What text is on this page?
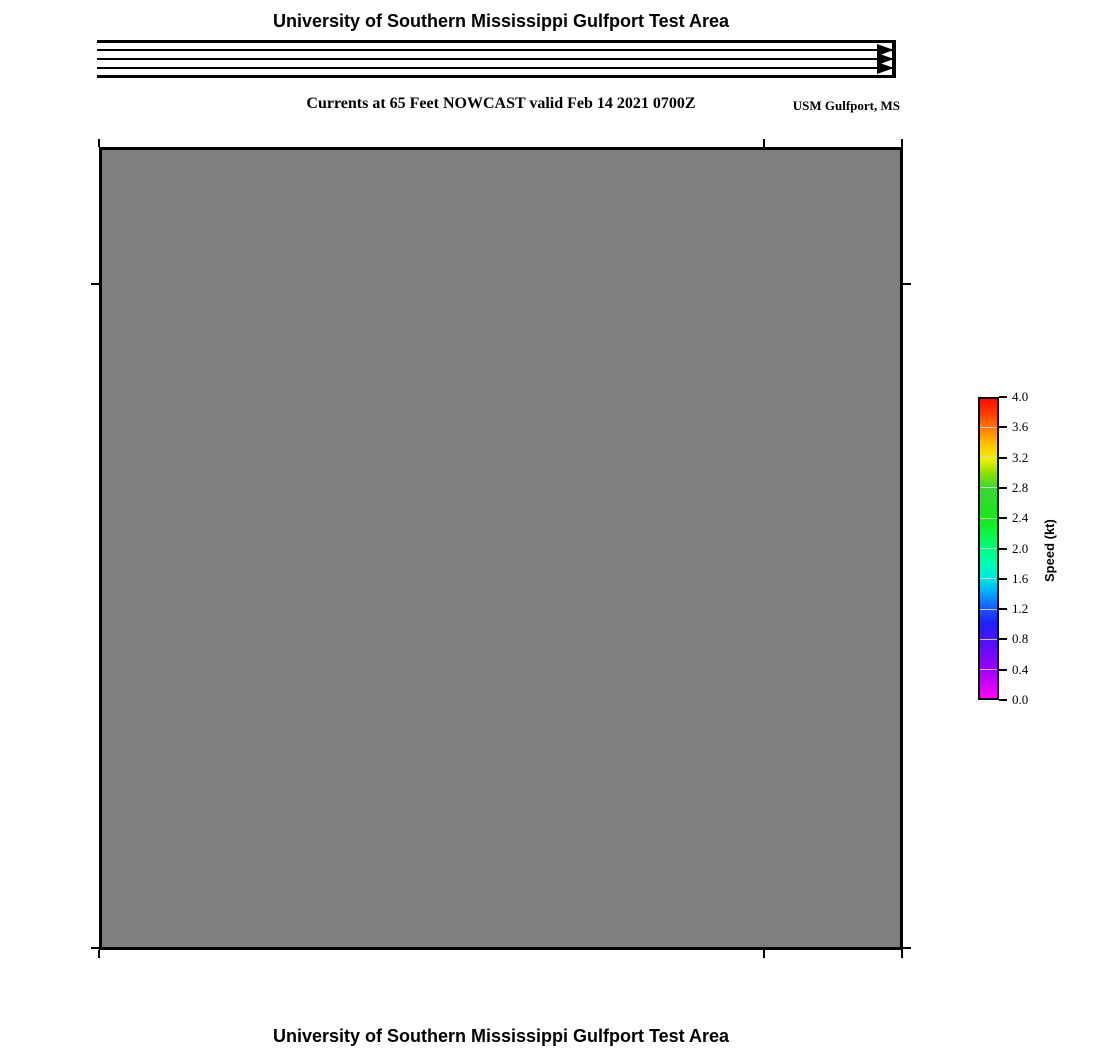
University of Southern Mississippi Gulfport Test Area
Currents at 65 Feet NOWCAST valid Feb 14 2021 0700Z	USM Gulfport, MS
0.0
0.4
0.8
1.2
1.6
2.0
2.4
2.8
3.2
3.6
4.0
Speed (kt)
University of Southern Mississippi Gulfport Test Area
